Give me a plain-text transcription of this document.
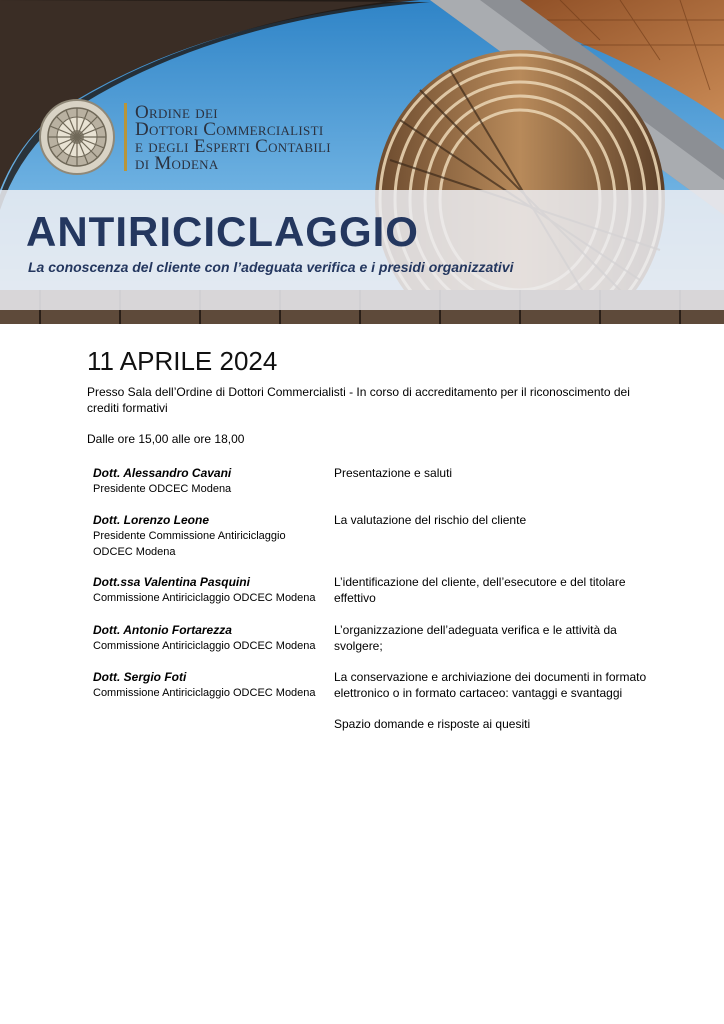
Ordine dei
Dottori Commercialisti
e degli Esperti Contabili
di Modena
ANTIRICICLAGGIO
La conoscenza del cliente con l’adeguata verifica e i presidi organizzativi
11 APRILE 2024
Presso Sala dell’Ordine di Dottori Commercialisti - In corso di accreditamento per il riconoscimento dei crediti formativi
Dalle ore 15,00 alle ore 18,00
Dott. Alessandro Cavani
Presidente ODCEC Modena
Presentazione e saluti
Dott. Lorenzo Leone
Presidente Commissione Antiriciclaggio ODCEC Modena
La valutazione del rischio del cliente
Dott.ssa Valentina Pasquini
Commissione Antiriciclaggio ODCEC Modena
L’identificazione del cliente, dell’esecutore e del titolare effettivo
Dott. Antonio Fortarezza
Commissione Antiriciclaggio ODCEC Modena
L’organizzazione dell’adeguata verifica e le attività da svolgere;
Dott. Sergio Foti
Commissione Antiriciclaggio ODCEC Modena
La conservazione e archiviazione dei documenti in formato elettronico o in formato cartaceo: vantaggi e svantaggi
Spazio domande e risposte ai quesiti
